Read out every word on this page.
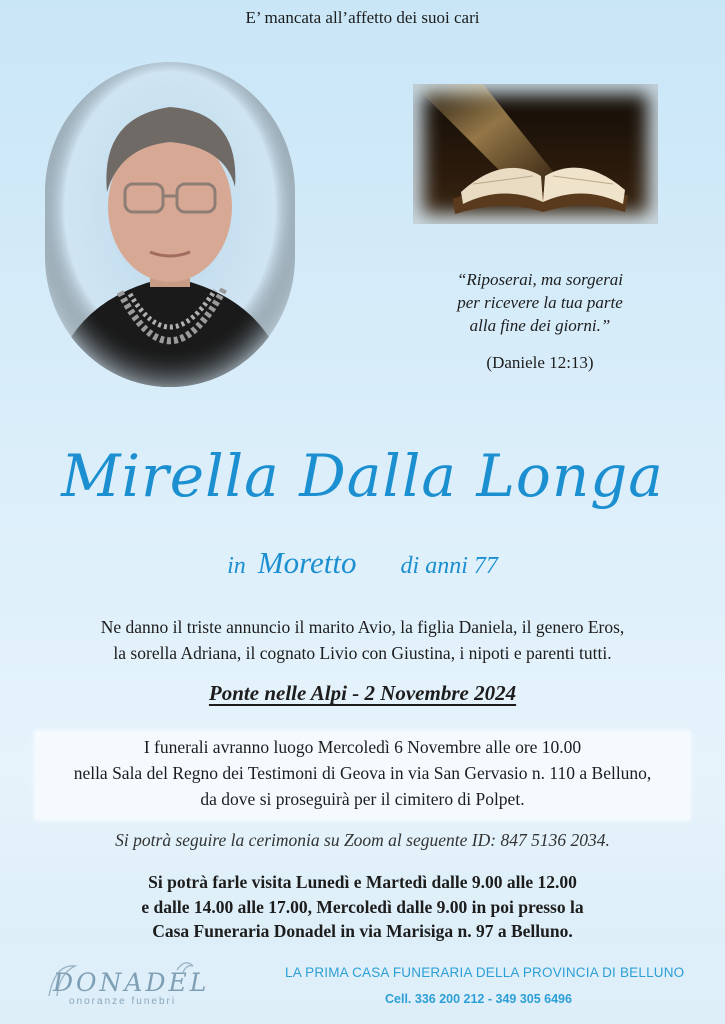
E’ mancata all’affetto dei suoi cari
“Riposerai, ma sorgerai
per ricevere la tua parte
alla fine dei giorni.”
(Daniele 12:13)
Mirella Dalla Longa
in Moretto di anni 77
Ne danno il triste annuncio il marito Avio, la figlia Daniela, il genero Eros,
la sorella Adriana, il cognato Livio con Giustina, i nipoti e parenti tutti.
Ponte nelle Alpi - 2 Novembre 2024
I funerali avranno luogo Mercoledì 6 Novembre alle ore 10.00
nella Sala del Regno dei Testimoni di Geova in via San Gervasio n. 110 a Belluno,
da dove si proseguirà per il cimitero di Polpet.
Si potrà seguire la cerimonia su Zoom al seguente ID: 847 5136 2034.
Si potrà farle visita Lunedì e Martedì dalle 9.00 alle 12.00
e dalle 14.00 alle 17.00, Mercoledì dalle 9.00 in poi presso la
Casa Funeraria Donadel in via Marisiga n. 97 a Belluno.
DONADEL
onoranze funebri
LA PRIMA CASA FUNERARIA DELLA PROVINCIA DI BELLUNO
Cell. 336 200 212 - 349 305 6496
